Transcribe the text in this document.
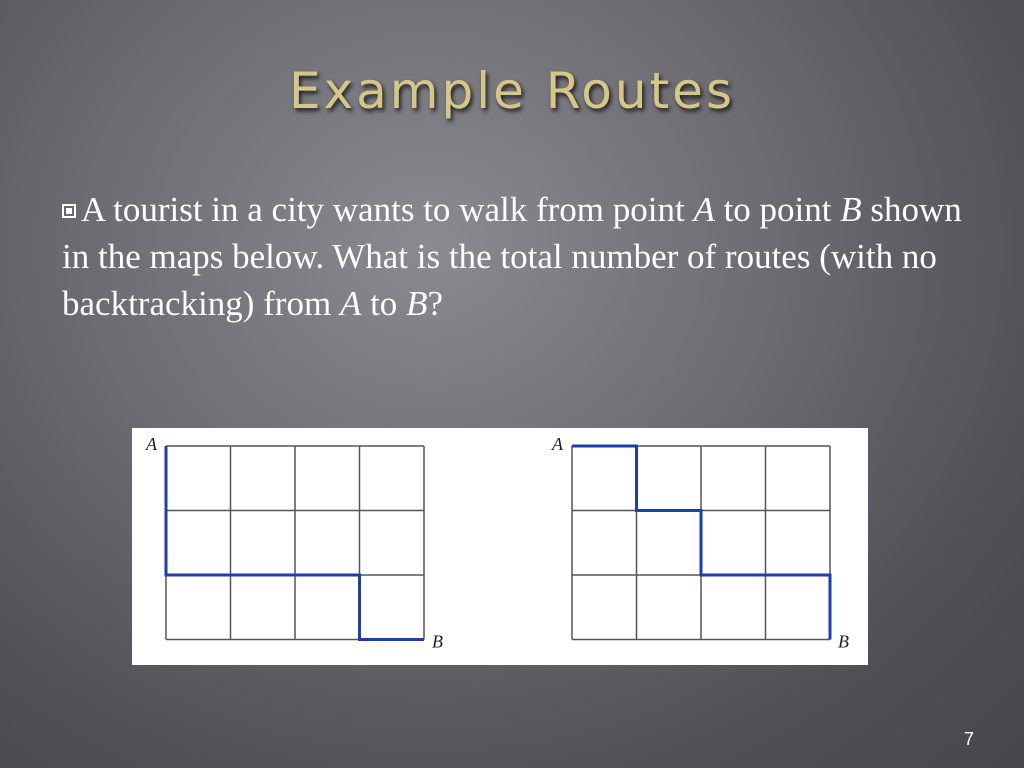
Example Routes

A tourist in a city wants to walk from point A to point B shown in the maps below. What is the total number of routes (with no backtracking) from A to B?

A
B
A
B
7
